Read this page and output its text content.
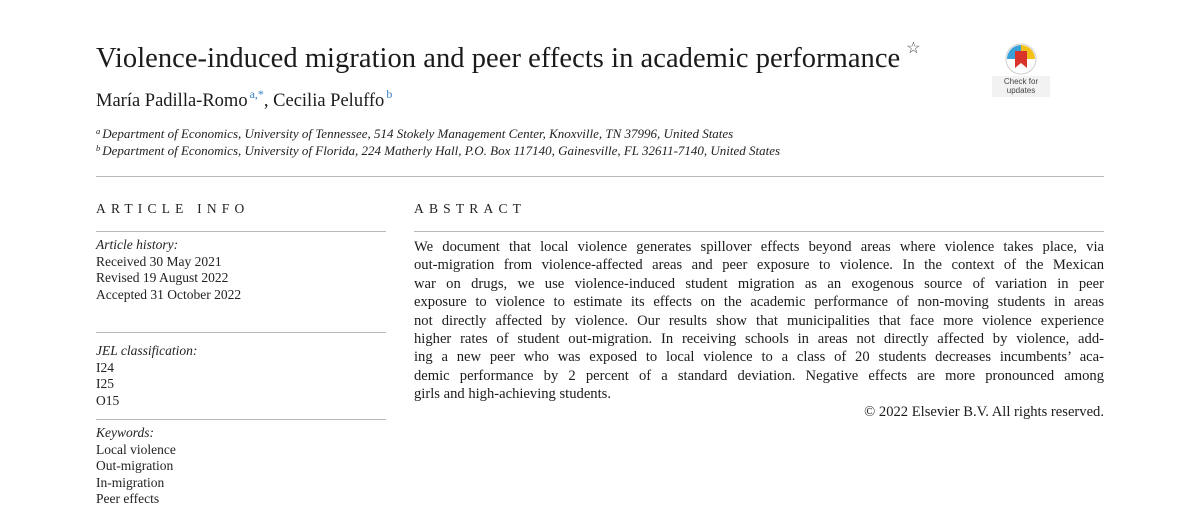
Violence-induced migration and peer effects in academic performance ☆
María Padilla-Romo $^{a,*}$, Cecilia Peluffo $^b$
$^a$ Department of Economics, University of Tennessee, 514 Stokely Management Center, Knoxville, TN 37996, United States
$^b$ Department of Economics, University of Florida, 224 Matherly Hall, P.O. Box 117140, Gainesville, FL 32611-7140, United States
Check for
updates
ARTICLE INFO	ABSTRACT
Article history:
Received 30 May 2021
Revised 19 August 2022
Accepted 31 October 2022
JEL classification:
I24
I25
O15
Keywords:
Local violence
Out-migration
In-migration
Peer effects
We document that local violence generates spillover effects beyond areas where violence takes place, via
out-migration from violence-affected areas and peer exposure to violence. In the context of the Mexican
war on drugs, we use violence-induced student migration as an exogenous source of variation in peer
exposure to violence to estimate its effects on the academic performance of non-moving students in areas
not directly affected by violence. Our results show that municipalities that face more violence experience
higher rates of student out-migration. In receiving schools in areas not directly affected by violence, add-
ing a new peer who was exposed to local violence to a class of 20 students decreases incumbents’ aca-
demic performance by 2 percent of a standard deviation. Negative effects are more pronounced among
girls and high-achieving students.
© 2022 Elsevier B.V. All rights reserved.
